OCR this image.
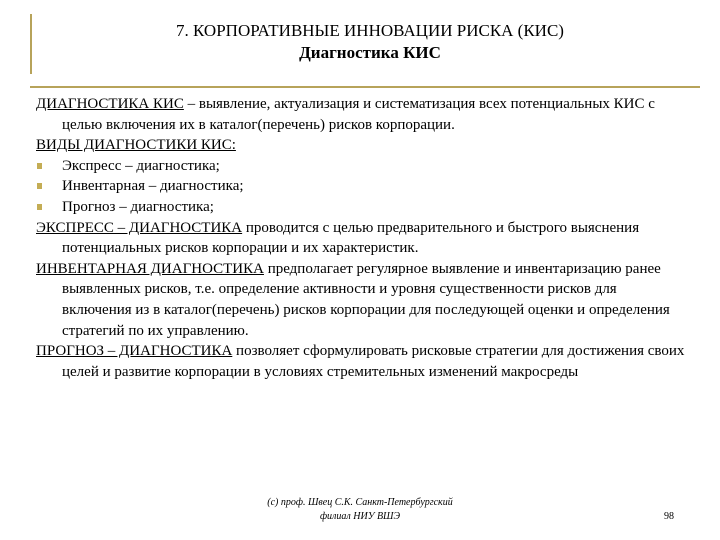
7. КОРПОРАТИВНЫЕ ИННОВАЦИИ РИСКА (КИС)
Диагностика КИС
ДИАГНОСТИКА КИС – выявление, актуализация и систематизация всех потенциальных КИС с целью включения их в каталог(перечень) рисков корпорации.
ВИДЫ ДИАГНОСТИКИ КИС:
Экспресс – диагностика;
Инвентарная – диагностика;
Прогноз – диагностика;
ЭКСПРЕСС – ДИАГНОСТИКА проводится с целью предварительного и быстрого выяснения потенциальных рисков корпорации и их характеристик.
ИНВЕНТАРНАЯ ДИАГНОСТИКА предполагает регулярное выявление и инвентаризацию ранее выявленных рисков, т.е. определение активности и уровня существенности рисков для включения из в каталог(перечень) рисков корпорации для последующей оценки и определения стратегий по их управлению.
ПРОГНОЗ – ДИАГНОСТИКА позволяет сформулировать рисковые стратегии для достижения своих целей и развитие корпорации в условиях стремительных изменений макросреды
(с) проф. Швец С.К. Санкт-Петербургский
филиал НИУ ВШЭ	98
